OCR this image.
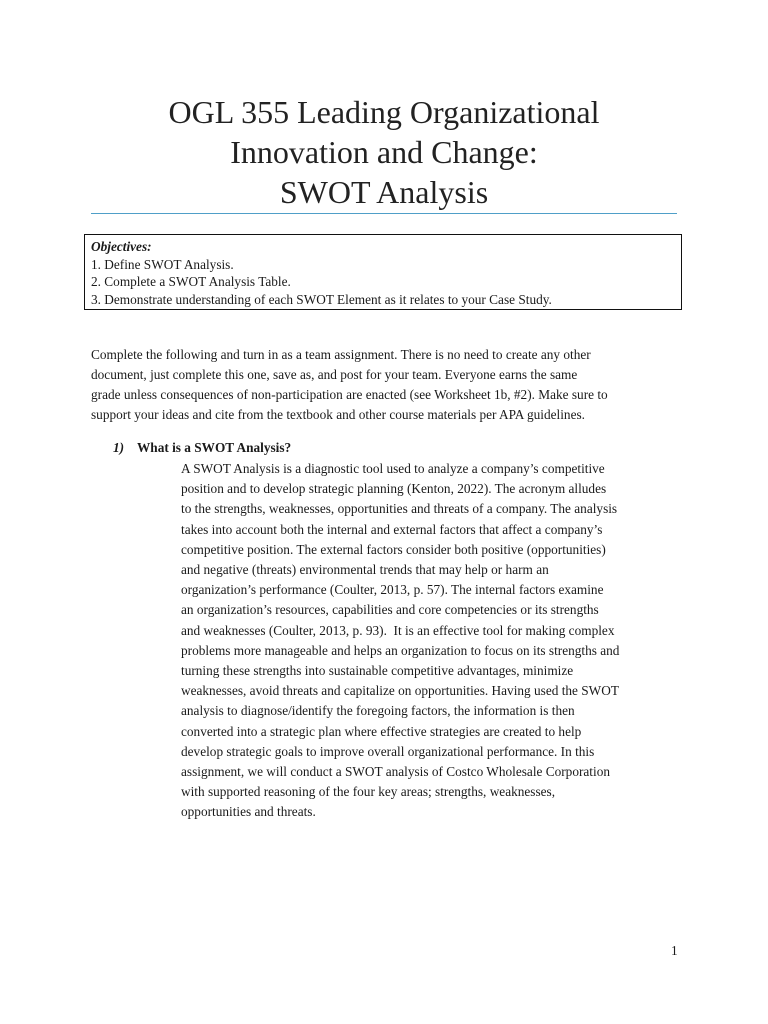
OGL 355 Leading Organizational
Innovation and Change:
SWOT Analysis
Objectives:
1. Define SWOT Analysis.
2. Complete a SWOT Analysis Table.
3. Demonstrate understanding of each SWOT Element as it relates to your Case Study.
Complete the following and turn in as a team assignment. There is no need to create any other
document, just complete this one, save as, and post for your team. Everyone earns the same
grade unless consequences of non-participation are enacted (see Worksheet 1b, #2). Make sure to
support your ideas and cite from the textbook and other course materials per APA guidelines.
1) What is a SWOT Analysis?
A SWOT Analysis is a diagnostic tool used to analyze a company’s competitive
position and to develop strategic planning (Kenton, 2022). The acronym alludes
to the strengths, weaknesses, opportunities and threats of a company. The analysis
takes into account both the internal and external factors that affect a company’s
competitive position. The external factors consider both positive (opportunities)
and negative (threats) environmental trends that may help or harm an
organization’s performance (Coulter, 2013, p. 57). The internal factors examine
an organization’s resources, capabilities and core competencies or its strengths
and weaknesses (Coulter, 2013, p. 93).  It is an effective tool for making complex
problems more manageable and helps an organization to focus on its strengths and
turning these strengths into sustainable competitive advantages, minimize
weaknesses, avoid threats and capitalize on opportunities. Having used the SWOT
analysis to diagnose/identify the foregoing factors, the information is then
converted into a strategic plan where effective strategies are created to help
develop strategic goals to improve overall organizational performance. In this
assignment, we will conduct a SWOT analysis of Costco Wholesale Corporation
with supported reasoning of the four key areas; strengths, weaknesses,
opportunities and threats.
1
